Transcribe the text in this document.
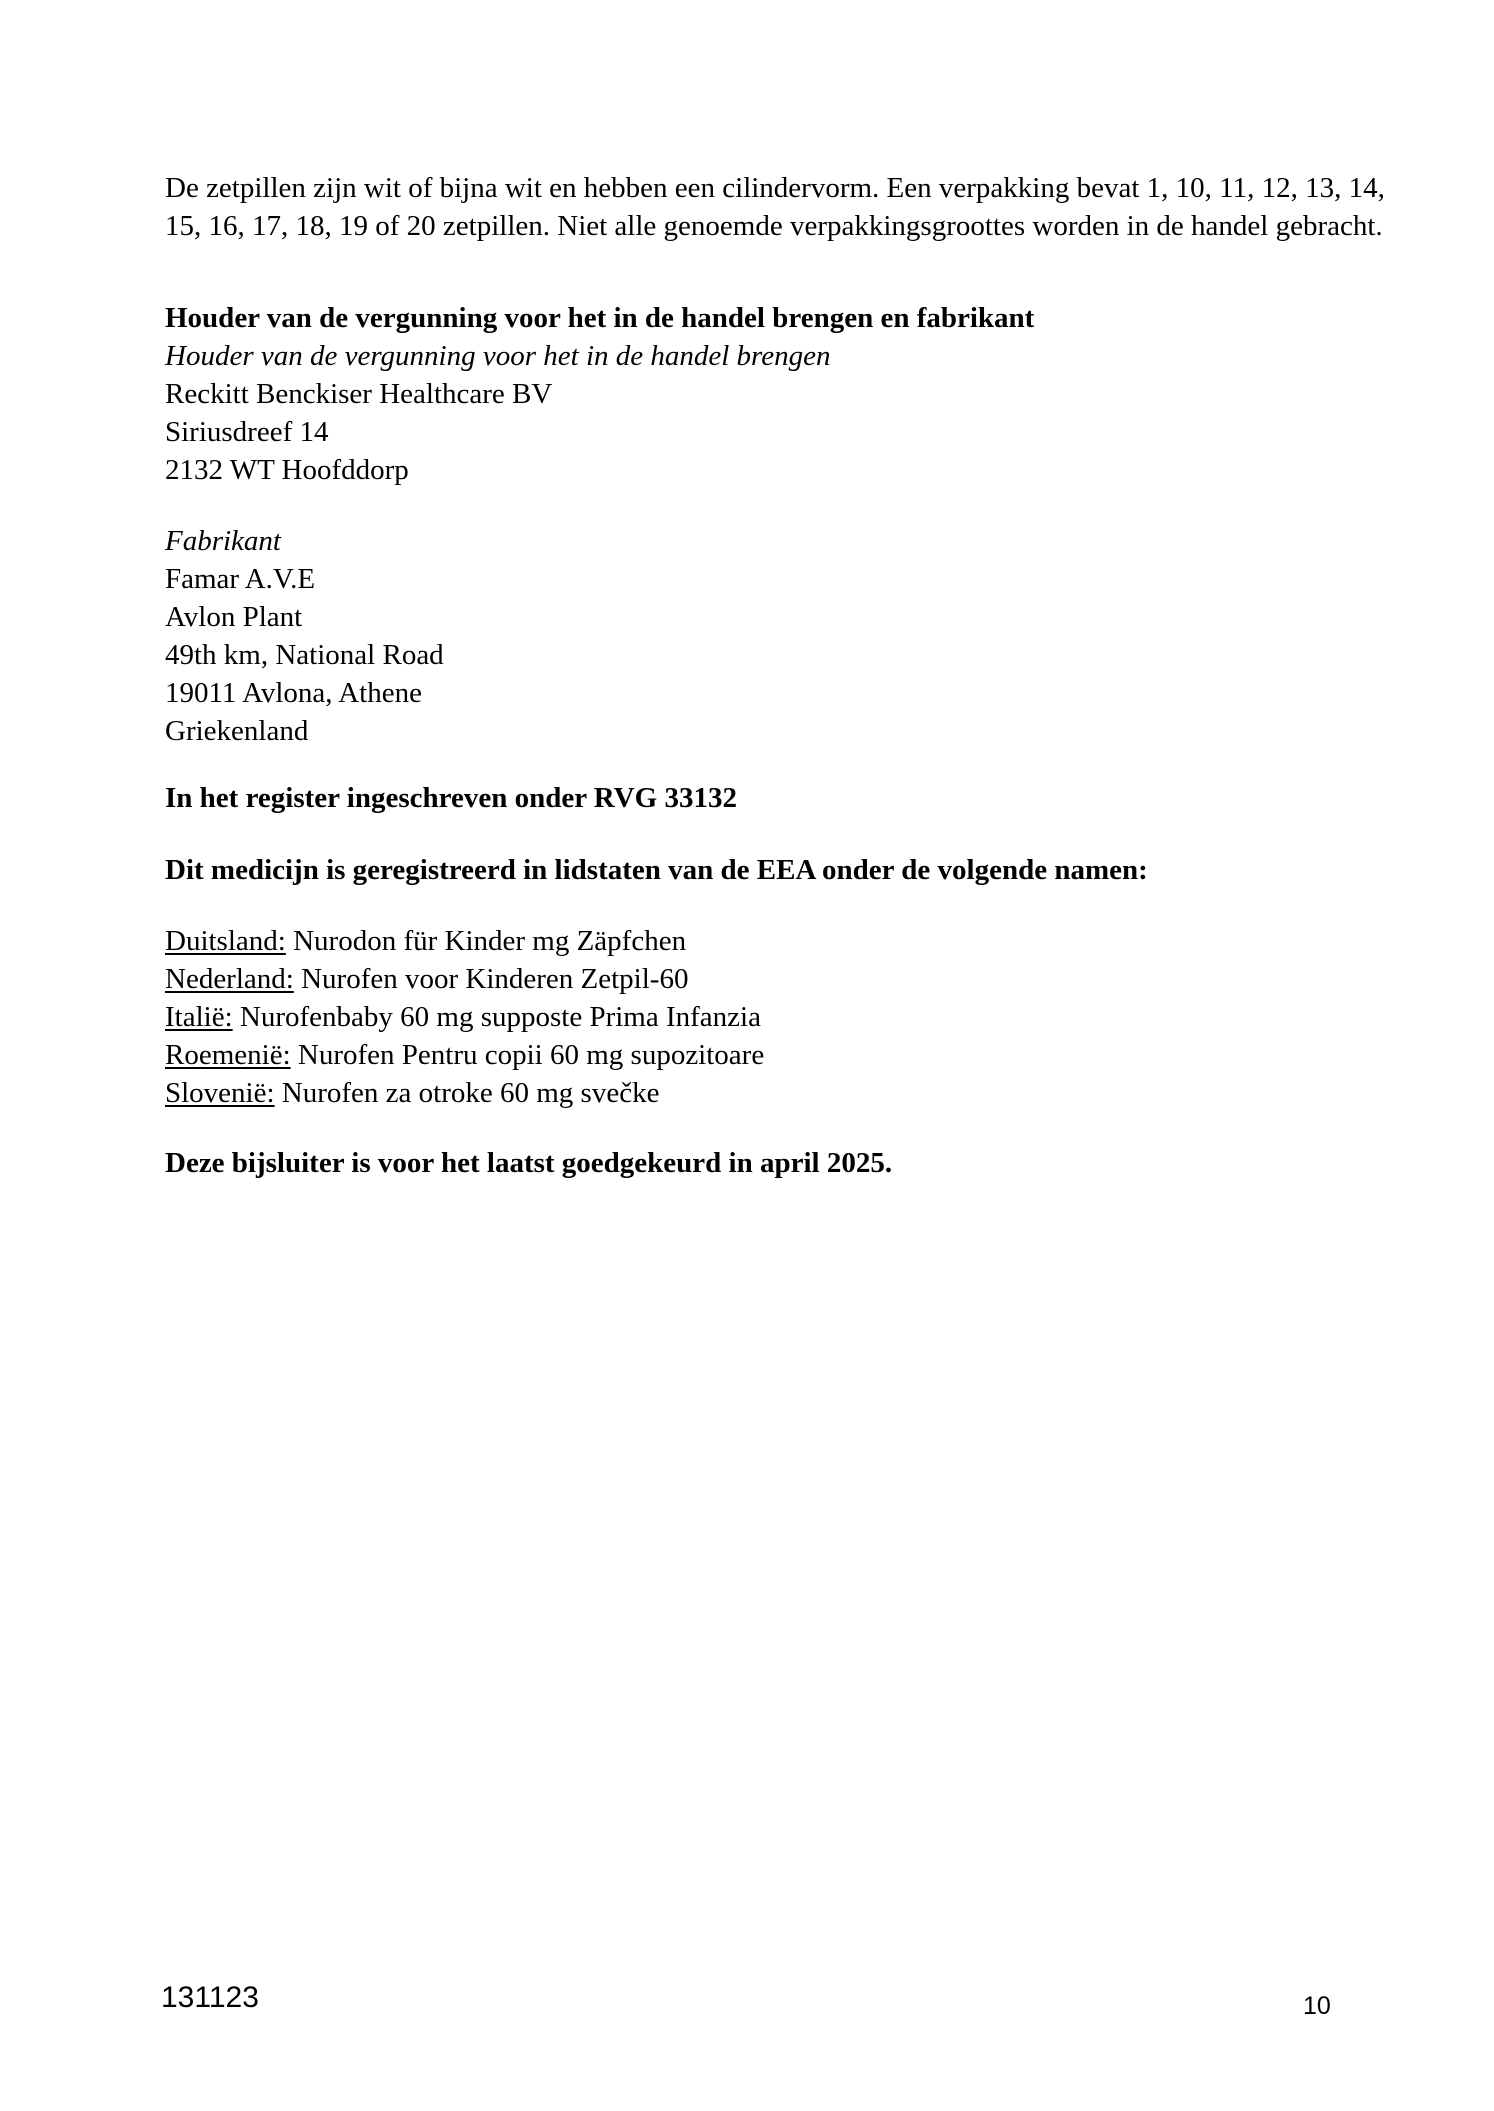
De zetpillen zijn wit of bijna wit en hebben een cilindervorm. Een verpakking bevat 1, 10, 11, 12, 13, 14,
15, 16, 17, 18, 19 of 20 zetpillen. Niet alle genoemde verpakkingsgroottes worden in de handel gebracht.
Houder van de vergunning voor het in de handel brengen en fabrikant
Houder van de vergunning voor het in de handel brengen
Reckitt Benckiser Healthcare BV
Siriusdreef 14
2132 WT Hoofddorp
Fabrikant
Famar A.V.E
Avlon Plant
49th km, National Road
19011 Avlona, Athene
Griekenland
In het register ingeschreven onder RVG 33132
Dit medicijn is geregistreerd in lidstaten van de EEA onder de volgende namen:
Duitsland: Nurodon für Kinder mg Zäpfchen
Nederland: Nurofen voor Kinderen Zetpil-60
Italië: Nurofenbaby 60 mg supposte Prima Infanzia
Roemenië: Nurofen Pentru copii 60 mg supozitoare
Slovenië: Nurofen za otroke 60 mg svečke
Deze bijsluiter is voor het laatst goedgekeurd in april 2025.
131123	10
